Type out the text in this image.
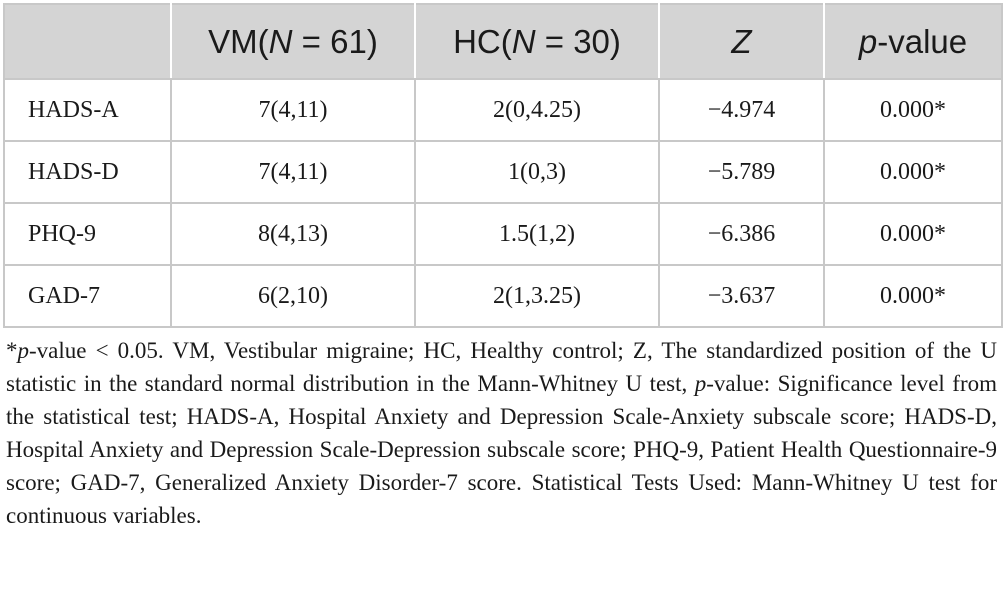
	VM(N = 61)	HC(N = 30)	Z	p-value
HADS-A	7(4,11)	2(0,4.25)	−4.974	0.000*
HADS-D	7(4,11)	1(0,3)	−5.789	0.000*
PHQ-9	8(4,13)	1.5(1,2)	−6.386	0.000*
GAD-7	6(2,10)	2(1,3.25)	−3.637	0.000*

*p-value < 0.05. VM, Vestibular migraine; HC, Healthy control; Z, The standardized position of the U statistic in the standard normal distribution in the Mann-Whitney U test, p-value: Significance level from the statistical test; HADS-A, Hospital Anxiety and Depression Scale-Anxiety subscale score; HADS-D, Hospital Anxiety and Depression Scale-Depression subscale score; PHQ-9, Patient Health Questionnaire-9 score; GAD-7, Generalized Anxiety Disorder-7 score. Statistical Tests Used: Mann-Whitney U test for continuous variables.
